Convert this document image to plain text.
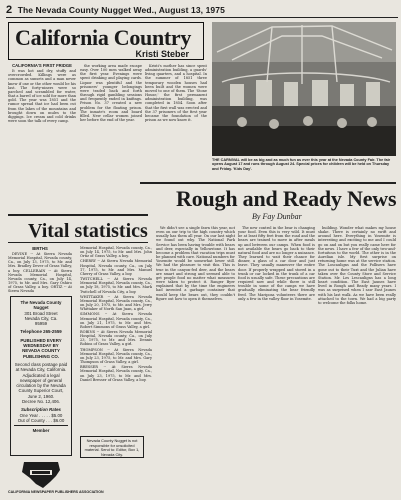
2 The Nevada County Nugget Wed., August 13, 1975
California Country
Kristi Steber
CALIFORNIA'S FIRST FRIDGE

It was hot and dry, stuffy and overcrowded. Killings were as common as sunsets and a man never knew if one or the other would be his last. The forty-niners were so parched and scrambled for water, that a barrel of ice sold for more than gold. The year was 1851 and the rumor spread that ice had been cut from the lakes of the mountains and brought down on mules to the diggings. Ice cream and cold drinks were soon the talk of every camp.

the working area made escape easy. Over 100 men walked away the first year. Evenings were spent drinking and playing cards. Liquor was plentiful and the prisoners' younger belongings were traded back and forth through rigid gambling sessions and frequently ended in knifings. Prison No. 37 created a new problem for the floating prison. The inmate's room and board filled. New cellar women joined her before the end of the year.

Kristi's mother has since spent administration building, a guards' living quarters, and a hospital. In the summer of 1851 three temporary wooden houses had been built and the women were moved to one of them. The 'Stone House,' the first permanent administration building, was completed in 1854. Soon after that the first wall was erected and the 37 prisoners of the first year became the foundation of the prison as we now know it.

THE CARNIVAL will be as big and as much fun as ever this year at the Nevada County Fair. The fair opens August 17 and runs through August 24. Special prices for children will be held on Thursday and Friday. 'Kids Day'.
Rough and Ready News
By Fay Dunbar

We didn't see a single fawn this year, not even on our trip to the high country which usually has them all year. On our last night we found out why. The National Park Service has been having trouble with bears and deer, especially in Yellowstone. It has become a problem that vacation trips must be planned with care. National numbers for Yosemite would be somewhat lower still. We had the pleasure to visit this. This is true in the canyon-fed deer, and the bears are smart and strong and seemed able to get people food no matter what measures were taken to protect it. Ranger Byer explained that by the time the engineers had invented a garbage container that would keep the bears out, they couldn't figure out how to open it themselves.

The new control in the bear is changing your food. Even this is very wild. It must be at least fifty feet from the road and the bears are trained to move in after meals up and between our camps. When food is not available the bears go back to their natural food and are no longer a nuisance. They learned to wait their chance for dinner, a glass of a car door and just leave. They usually maneuver the entire door. If properly wrapped and stored in a trunk or car locked in the trunk of a car food is usually safe. These precautions are required now and while there is still trouble in some of the camps we have gradually eliminating the bear friendly feed. The Mariposa volunteers there are only a few in the valley floor in Yosemite.

building. Wonder what makes my house shake. There is certainly no swift and around here. Everything in Yosemite is interesting and exciting to me and I could go on and on but you really came here for the news. I have a few of the only two-and-fortuitous to the world. The other is in the Aurelian isle. My first surprise on returning home was at the service station. The Loscauligns and the Pollisers have gone out to their Tuxt and the Julian have taken over the County Store and Service Station. Mr. Les Lescauligns has a long heart condition. The East Jaunes have lived in Rough and Ready many years. I was as surprised when I saw East Jaunes with his last walk. As we have been really attached to the town. We had a big party to welcome the folks home.

Vital statistics
BIRTHS

DEVINE -- At Sierra Nevada Memorial Hospital, Nevada county, Ca., on July 13, 1975, to Mr. and Mrs. Bradley Dever of Grass Valley, a boy. CELLERAIN -- At Sierra Nevada Memorial Hospital, Nevada county, Ca., on July 14, 1975, to Mr. and Mrs. Gary Oshiro of Grass Valley, a boy. ORTIZ -- At Sierra Nevada

Memorial Hospital, Nevada county, Ca., on July 14, 1975, to Mr. and Mrs. John Ortiz of Grass Valley, a boy.

CHERRY -- At Sierra Nevada Memorial Hospital, Nevada county, Ca., on July 17, 1975, to Mr. and Mrs. Manuel Cherry of Grass Valley, a boy.

TWITCHELL -- At Sierra Nevada Memorial Hospital, Nevada county, Ca., on July 18, 1975, to Mr. and Mrs. Mark Twitchell of Nevada City, a boy.

WHITTAKER -- At Sierra Nevada Memorial Hospital, Nevada county, Ca., on July 20, 1975, to Mr. and Mrs. Jerry Whittaker of North San Juan, a girl.

SIMMONS -- At Sierra Nevada Memorial Hospital, Nevada county, Ca., on July 21, 1975, to Mr. and Mrs. Robert Simmons of Grass Valley, a girl.

ROBINS -- At Sierra Nevada Memorial Hospital, Nevada county, Ca., on July 23, 1975, to Mr. and Mrs. Dennis Robins of Grass Valley, a girl.

THOMPSON -- At Sierra Nevada Memorial Hospital, Nevada county, Ca., on July 23, 1975, to Mr. and Mrs. Gary Thompson of Grass Valley, a girl.

BRESSER -- At Sierra Nevada Memorial Hospital, Nevada county, Ca., on July 23, 1975, to Mr. and Mrs. Daniel Bresser of Grass Valley, a boy.

Nevada County Nugget is not responsible for unsolicited material. Send to: Editor, Box 1, Nevada City.
The Nevada County Nugget
301 Broad Street
Nevada City, Ca.
95959
Telephone 265-2559
PUBLISHED EVERY WEDNESDAY BY NEVADA COUNTY PUBLISHING CO.
Second class postage paid at Nevada City, California. Adjudicated a legal newspaper of general circulation by the Nevada County Superior Court, June 2, 1960.
Decree No. 12,406.
Subscription Rates
One Year . . . . . $5.00
Out of County . . . $6.00
Member
CALIFORNIA NEWSPAPER PUBLISHERS ASSOCIATION
